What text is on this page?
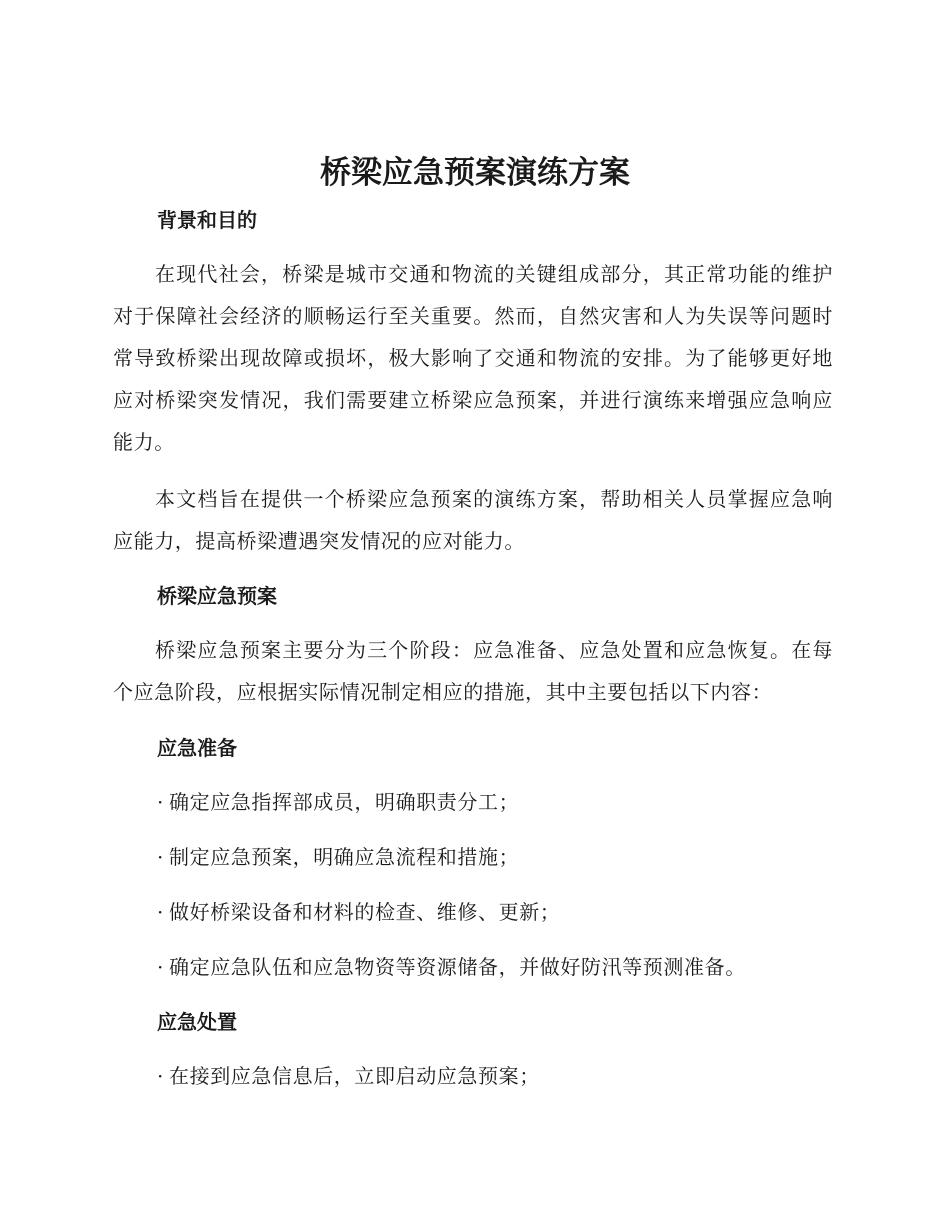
桥梁应急预案演练方案
背景和目的

在现代社会，桥梁是城市交通和物流的关键组成部分，其正常功能的维护对于保障社会经济的顺畅运行至关重要。然而，自然灾害和人为失误等问题时常导致桥梁出现故障或损坏，极大影响了交通和物流的安排。为了能够更好地应对桥梁突发情况，我们需要建立桥梁应急预案，并进行演练来增强应急响应能力。

本文档旨在提供一个桥梁应急预案的演练方案，帮助相关人员掌握应急响应能力，提高桥梁遭遇突发情况的应对能力。

桥梁应急预案

桥梁应急预案主要分为三个阶段：应急准备、应急处置和应急恢复。在每个应急阶段，应根据实际情况制定相应的措施，其中主要包括以下内容：

应急准备
· 确定应急指挥部成员，明确职责分工；
· 制定应急预案，明确应急流程和措施；
· 做好桥梁设备和材料的检查、维修、更新；
· 确定应急队伍和应急物资等资源储备，并做好防汛等预测准备。
应急处置
· 在接到应急信息后，立即启动应急预案；
